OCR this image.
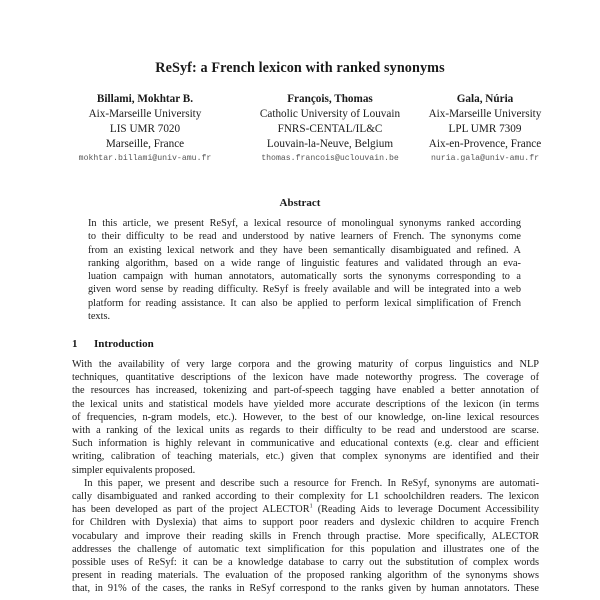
ReSyf: a French lexicon with ranked synonyms
Billami, Mokhtar B.
Aix-Marseille University
LIS UMR 7020
Marseille, France
mokhtar.billami@univ-amu.fr
François, Thomas
Catholic University of Louvain
FNRS-CENTAL/IL&C
Louvain-la-Neuve, Belgium
thomas.francois@uclouvain.be
Gala, Núria
Aix-Marseille University
LPL UMR 7309
Aix-en-Provence, France
nuria.gala@univ-amu.fr
Abstract
In this article, we present ReSyf, a lexical resource of monolingual synonyms ranked according
to their difficulty to be read and understood by native learners of French. The synonyms come
from an existing lexical network and they have been semantically disambiguated and refined. A
ranking algorithm, based on a wide range of linguistic features and validated through an eva-
luation campaign with human annotators, automatically sorts the synonyms corresponding to a
given word sense by reading difficulty. ReSyf is freely available and will be integrated into a web
platform for reading assistance. It can also be applied to perform lexical simplification of French
texts.
1 Introduction
With the availability of very large corpora and the growing maturity of corpus linguistics and NLP
techniques, quantitative descriptions of the lexicon have made noteworthy progress. The coverage of
the resources has increased, tokenizing and part-of-speech tagging have enabled a better annotation of
the lexical units and statistical models have yielded more accurate descriptions of the lexicon (in terms
of frequencies, n-gram models, etc.). However, to the best of our knowledge, on-line lexical resources
with a ranking of the lexical units as regards to their difficulty to be read and understood are scarse.
Such information is highly relevant in communicative and educational contexts (e.g. clear and efficient
writing, calibration of teaching materials, etc.) given that complex synonyms are identified and their
simpler equivalents proposed.
In this paper, we present and describe such a resource for French. In ReSyf, synonyms are automati-
cally disambiguated and ranked according to their complexity for L1 schoolchildren readers. The lexicon
has been developed as part of the project ALECTOR$^1$ (Reading Aids to leverage Document Accessibility
for Children with Dyslexia) that aims to support poor readers and dyslexic children to acquire French
vocabulary and improve their reading skills in French through practise. More specifically, ALECTOR
addresses the challenge of automatic text simplification for this population and illustrates one of the
possible uses of ReSyf: it can be a knowledge database to carry out the substitution of complex words
present in reading materials. The evaluation of the proposed ranking algorithm of the synonyms shows
that, in 91% of the cases, the ranks in ReSyf correspond to the ranks given by human annotators. These
